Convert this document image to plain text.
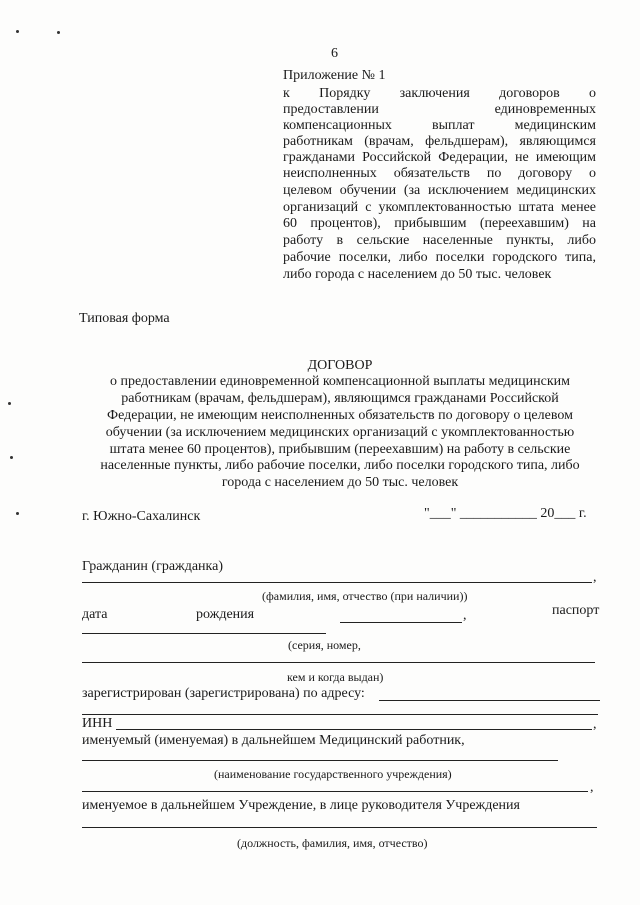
6
Приложение № 1
к Порядку заключения договоров о
предоставлении единовременных
компенсационных выплат медицинским
работникам (врачам, фельдшерам), являющимся
гражданами Российской Федерации, не имеющим
неисполненных обязательств по договору о
целевом обучении (за исключением медицинских
организаций с укомплектованностью штата менее
60 процентов), прибывшим (переехавшим) на
работу в сельские населенные пункты, либо
рабочие поселки, либо поселки городского типа,
либо города с населением до 50 тыс. человек
Типовая форма
ДОГОВОР
о предоставлении единовременной компенсационной выплаты медицинским
работникам (врачам, фельдшерам), являющимся гражданами Российской
Федерации, не имеющим неисполненных обязательств по договору о целевом
обучении (за исключением медицинских организаций с укомплектованностью
штата менее 60 процентов), прибывшим (переехавшим) на работу в сельские
населенные пункты, либо рабочие поселки, либо поселки городского типа, либо
города с населением до 50 тыс. человек
г. Южно-Сахалинск	"___" ___________ 20___ г.
Гражданин (гражданка)
,
(фамилия, имя, отчество (при наличии))
дата	рождения	,	паспорт
(серия, номер,
кем и когда выдан)
зарегистрирован (зарегистрирована) по адресу:
ИНН	,
именуемый (именуемая) в дальнейшем Медицинский работник,
(наименование государственного учреждения)
,
именуемое в дальнейшем Учреждение, в лице руководителя Учреждения
(должность, фамилия, имя, отчество)
